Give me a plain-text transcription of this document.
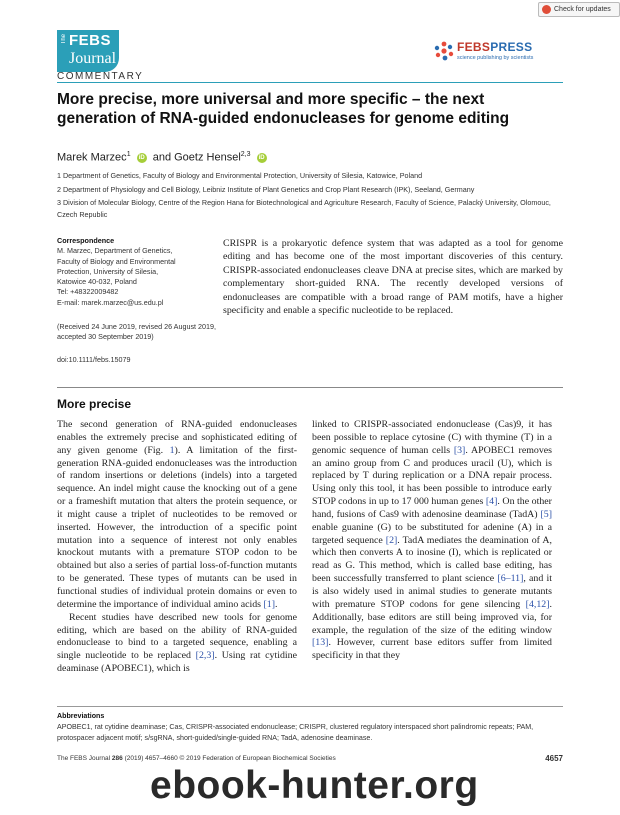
Check for updates
The FEBS
Journal
COMMENTARY
FEBSPRESS
science publishing by scientists
More precise, more universal and more specific – the next generation of RNA-guided endonucleases for genome editing
Marek Marzec$^1$ iD and Goetz Hensel$^{2,3}$ iD

1 Department of Genetics, Faculty of Biology and Environmental Protection, University of Silesia, Katowice, Poland

2 Department of Physiology and Cell Biology, Leibniz Institute of Plant Genetics and Crop Plant Research (IPK), Seeland, Germany

3 Division of Molecular Biology, Centre of the Region Hana for Biotechnological and Agriculture Research, Faculty of Science, Palacký University, Olomouc, Czech Republic

Correspondence
M. Marzec, Department of Genetics,
Faculty of Biology and Environmental
Protection, University of Silesia,
Katowice 40-032, Poland
Tel: +48322009482
E-mail: marek.marzec@us.edu.pl
(Received 24 June 2019, revised 26 August 2019, accepted 30 September 2019)
doi:10.1111/febs.15079

CRISPR is a prokaryotic defence system that was adapted as a tool for genome editing and has become one of the most important discoveries of this century. CRISPR-associated endonucleases cleave DNA at precise sites, which are marked by complementary short-guided RNA. The recently developed versions of endonucleases are compatible with a broad range of PAM motifs, have a higher specificity and enable a specific nucleotide to be replaced.

More precise

The second generation of RNA-guided endonucleases enables the extremely precise and sophisticated editing of any given genome (Fig. 1). A limitation of the first-generation RNA-guided endonucleases was the introduction of random insertions or deletions (indels) into a targeted sequence. An indel might cause the knocking out of a gene or a frameshift mutation that alters the protein sequence, or it might cause a triplet of nucleotides to be removed or inserted. However, the introduction of a specific point mutation into a sequence of interest not only enables knockout mutants with a premature STOP codon to be obtained but also a series of partial loss-of-function mutants to be generated. These types of mutants can be used in functional studies of individual protein domains or even to determine the importance of individual amino acids [1].

Recent studies have described new tools for genome editing, which are based on the ability of RNA-guided endonuclease to bind to a targeted sequence, enabling a single nucleotide to be replaced [2,3]. Using rat cytidine deaminase (APOBEC1), which is

linked to CRISPR-associated endonuclease (Cas)9, it has been possible to replace cytosine (C) with thymine (T) in a genomic sequence of human cells [3]. APOBEC1 removes an amino group from C and produces uracil (U), which is replaced by T during replication or a DNA repair process. Using only this tool, it has been possible to introduce early STOP codons in up to 17 000 human genes [4]. On the other hand, fusions of Cas9 with adenosine deaminase (TadA) [5] enable guanine (G) to be substituted for adenine (A) in a targeted sequence [2]. TadA mediates the deamination of A, which then converts A to inosine (I), which is replicated or read as G. This method, which is called base editing, has been successfully transferred to plant science [6–11], and it is also widely used in animal studies to generate mutants with premature STOP codons for gene silencing [4,12]. Additionally, base editors are still being improved via, for example, the regulation of the size of the editing window [13]. However, current base editors suffer from limited specificity in that they

Abbreviations
APOBEC1, rat cytidine deaminase; Cas, CRISPR-associated endonuclease; CRISPR, clustered regulatory interspaced short palindromic repeats; PAM, protospacer adjacent motif; s/sgRNA, short-guided/single-guided RNA; TadA, adenosine deaminase.
The FEBS Journal 286 (2019) 4657–4660 © 2019 Federation of European Biochemical Societies	4657
ebook-hunter.org
